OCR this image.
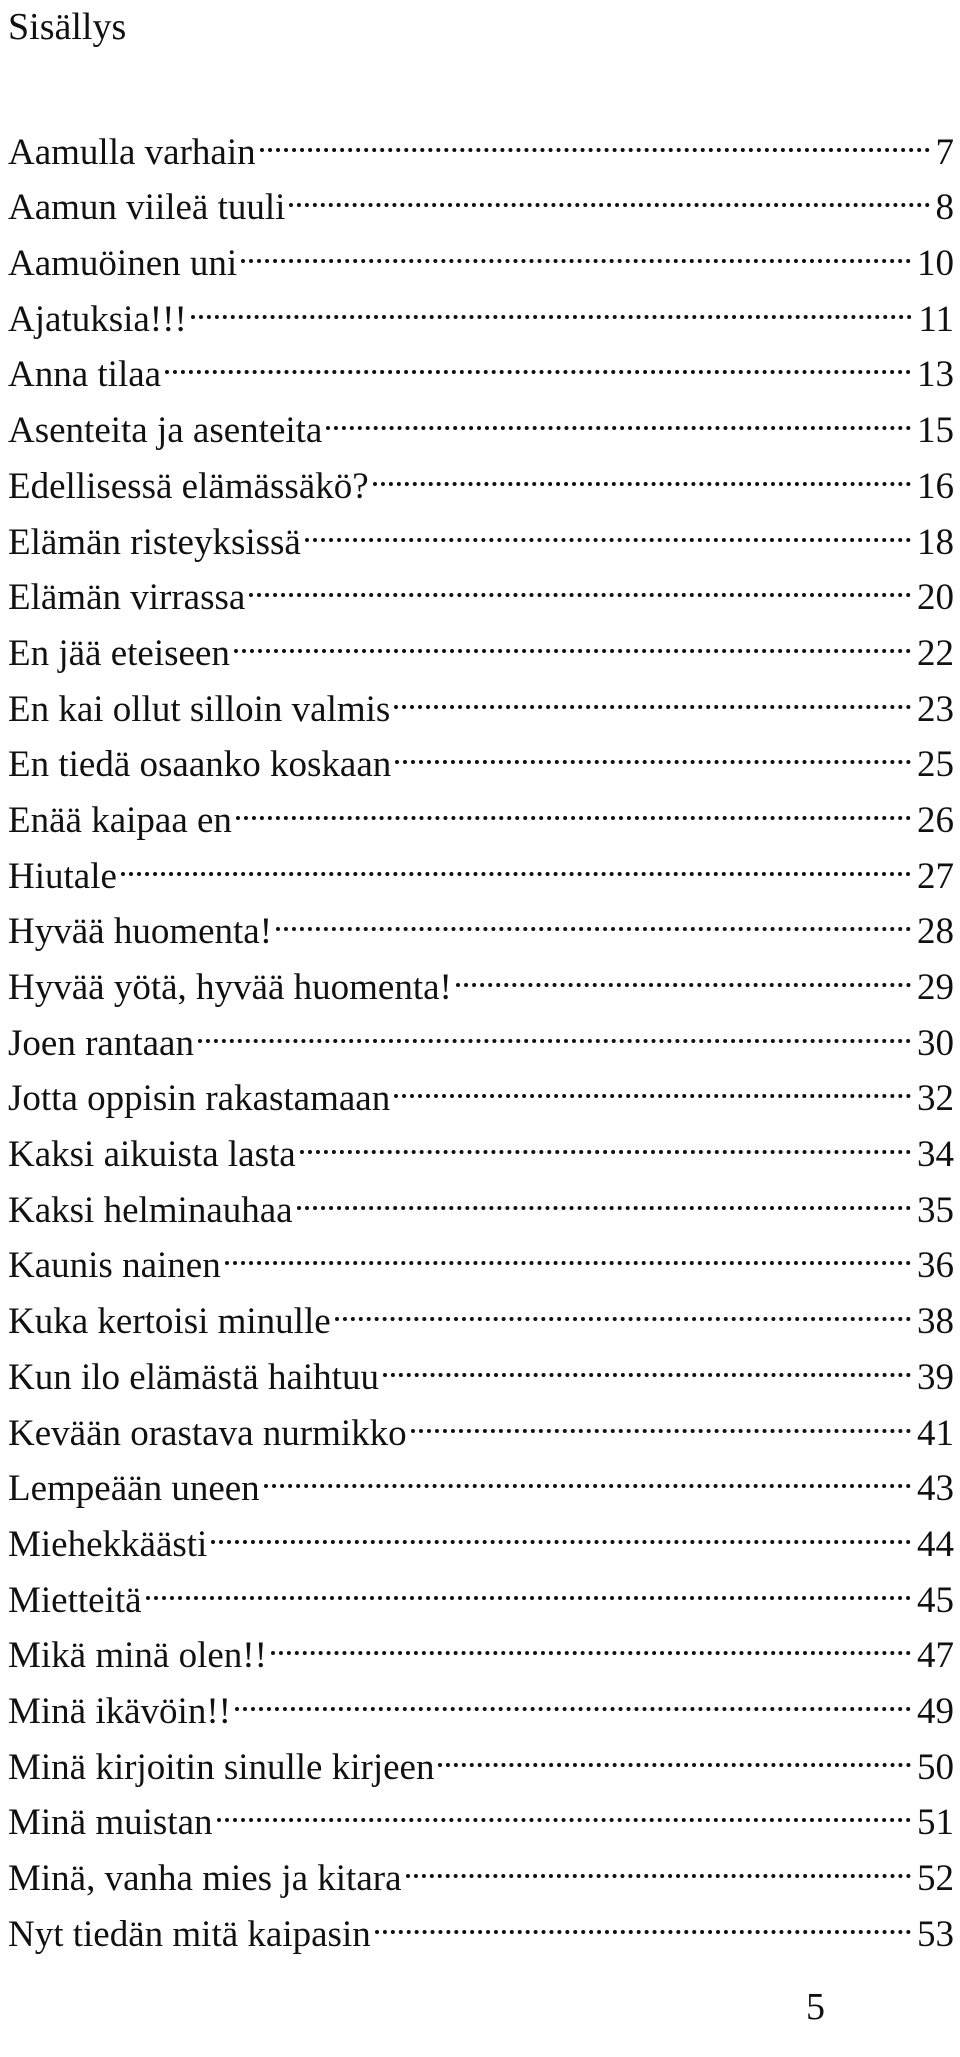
Sisällys
Aamulla varhain	7
Aamun viileä tuuli	8
Aamuöinen uni	10
Ajatuksia!!!	11
Anna tilaa	13
Asenteita ja asenteita	15
Edellisessä elämässäkö?	16
Elämän risteyksissä	18
Elämän virrassa	20
En jää eteiseen	22
En kai ollut silloin valmis	23
En tiedä osaanko koskaan	25
Enää kaipaa en	26
Hiutale	27
Hyvää huomenta!	28
Hyvää yötä, hyvää huomenta!	29
Joen rantaan	30
Jotta oppisin rakastamaan	32
Kaksi aikuista lasta	34
Kaksi helminauhaa	35
Kaunis nainen	36
Kuka kertoisi minulle	38
Kun ilo elämästä haihtuu	39
Kevään orastava nurmikko	41
Lempeään uneen	43
Miehekkäästi	44
Mietteitä	45
Mikä minä olen!!	47
Minä ikävöin!!	49
Minä kirjoitin sinulle kirjeen	50
Minä muistan	51
Minä, vanha mies ja kitara	52
Nyt tiedän mitä kaipasin	53
5
